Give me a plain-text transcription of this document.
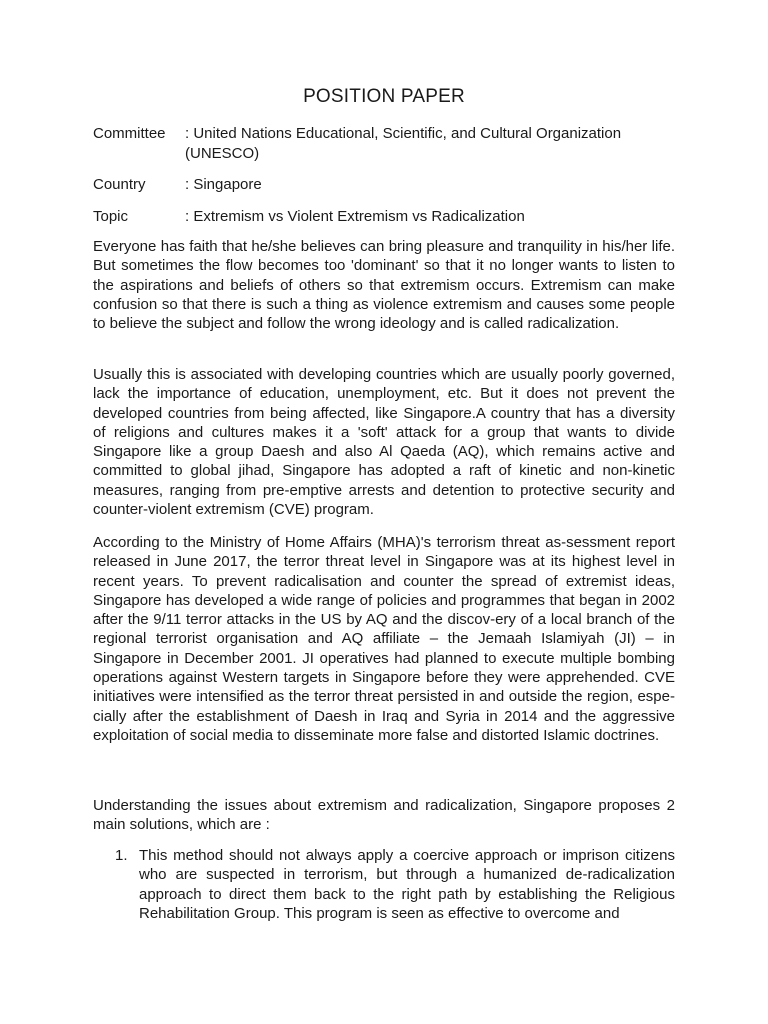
POSITION PAPER
Committee : United Nations Educational, Scientific, and Cultural Organization (UNESCO)
Country	: Singapore
Topic	: Extremism vs Violent Extremism vs Radicalization

Everyone has faith that he/she believes can bring pleasure and tranquility in his/her life. But sometimes the flow becomes too 'dominant' so that it no longer wants to listen to the aspirations and beliefs of others so that extremism occurs. Extremism can make confusion so that there is such a thing as violence extremism and causes some people to believe the subject and follow the wrong ideology and is called radicalization.

Usually this is associated with developing countries which are usually poorly governed, lack the importance of education, unemployment, etc. But it does not prevent the developed countries from being affected, like Singapore.A country that has a diversity of religions and cultures makes it a 'soft' attack for a group that wants to divide Singapore like a group Daesh and also Al Qaeda (AQ), which remains active and committed to global jihad, Singapore has adopted a raft of kinetic and non-kinetic measures, ranging from pre-emptive arrests and detention to protective security and counter-violent extremism (CVE) program.

According to the Ministry of Home Affairs (MHA)'s terrorism threat as-sessment report released in June 2017, the terror threat level in Singapore was at its highest level in recent years. To prevent radicalisation and counter the spread of extremist ideas, Singapore has developed a wide range of policies and programmes that began in 2002 after the 9/11 terror attacks in the US by AQ and the discov-ery of a local branch of the regional terrorist organisation and AQ affiliate – the Jemaah Islamiyah (JI) – in Singapore in December 2001. JI operatives had planned to execute multiple bombing operations against Western targets in Singapore before they were apprehended. CVE initiatives were intensified as the terror threat persisted in and outside the region, espe-cially after the establishment of Daesh in Iraq and Syria in 2014 and the aggressive exploitation of social media to disseminate more false and distorted Islamic doctrines.

Understanding the issues about extremism and radicalization, Singapore proposes 2 main solutions, which are :

1. This method should not always apply a coercive approach or imprison citizens who are suspected in terrorism, but through a humanized de-radicalization approach to direct them back to the right path by establishing the Religious Rehabilitation Group. This program is seen as effective to overcome and
